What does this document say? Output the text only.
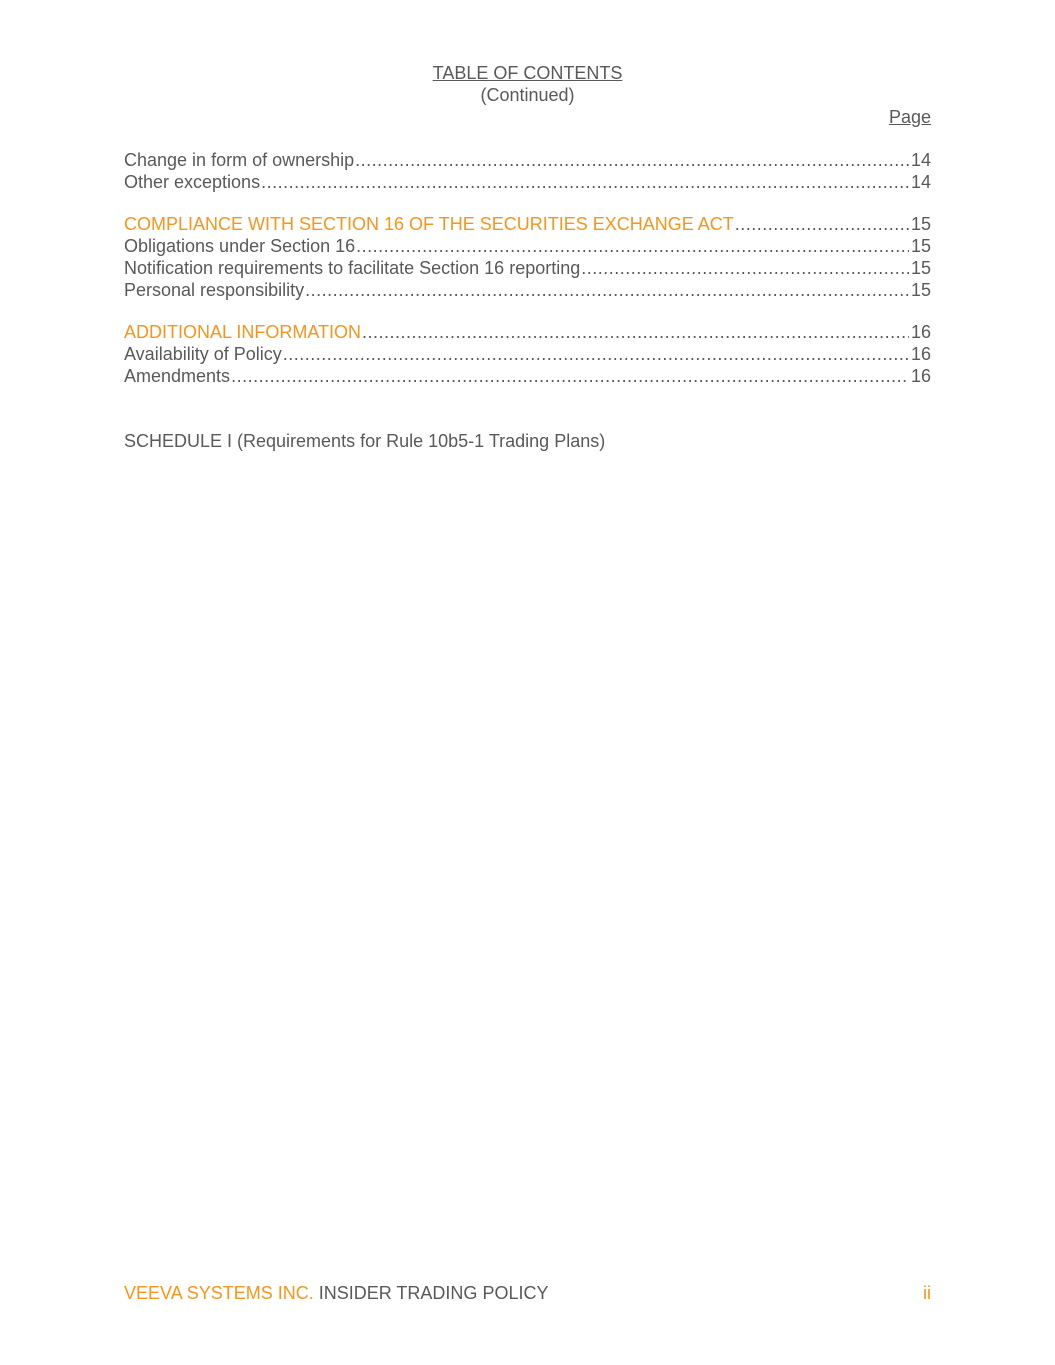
TABLE OF CONTENTS
(Continued)
Page
Change in form of ownership .....	14
Other exceptions .....	14
COMPLIANCE WITH SECTION 16 OF THE SECURITIES EXCHANGE ACT .....	15
Obligations under Section 16 .....	15
Notification requirements to facilitate Section 16 reporting .....	15
Personal responsibility .....	15
ADDITIONAL INFORMATION .....	16
Availability of Policy .....	16
Amendments .....	16
SCHEDULE I (Requirements for Rule 10b5-1 Trading Plans)
VEEVA SYSTEMS INC. INSIDER TRADING POLICY	ii
